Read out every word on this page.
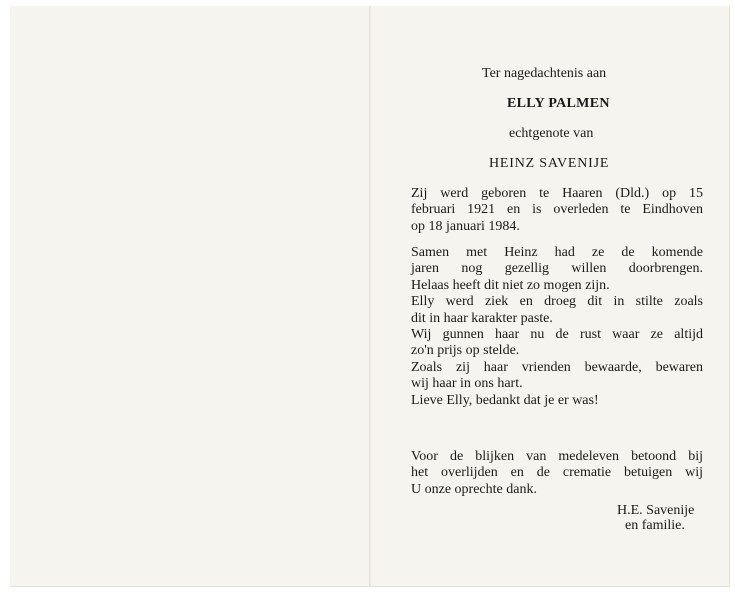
Ter nagedachtenis aan
ELLY PALMEN
echtgenote van
HEINZ SAVENIJE
Zij werd geboren te Haaren (Dld.) op 15
februari 1921 en is overleden te Eindhoven
op 18 januari 1984.
Samen met Heinz had ze de komende
jaren nog gezellig willen doorbrengen.
Helaas heeft dit niet zo mogen zijn.
Elly werd ziek en droeg dit in stilte zoals
dit in haar karakter paste.
Wij gunnen haar nu de rust waar ze altijd
zo'n prijs op stelde.
Zoals zij haar vrienden bewaarde, bewaren
wij haar in ons hart.
Lieve Elly, bedankt dat je er was!
Voor de blijken van medeleven betoond bij
het overlijden en de crematie betuigen wij
U onze oprechte dank.
H.E. Savenije
en familie.
